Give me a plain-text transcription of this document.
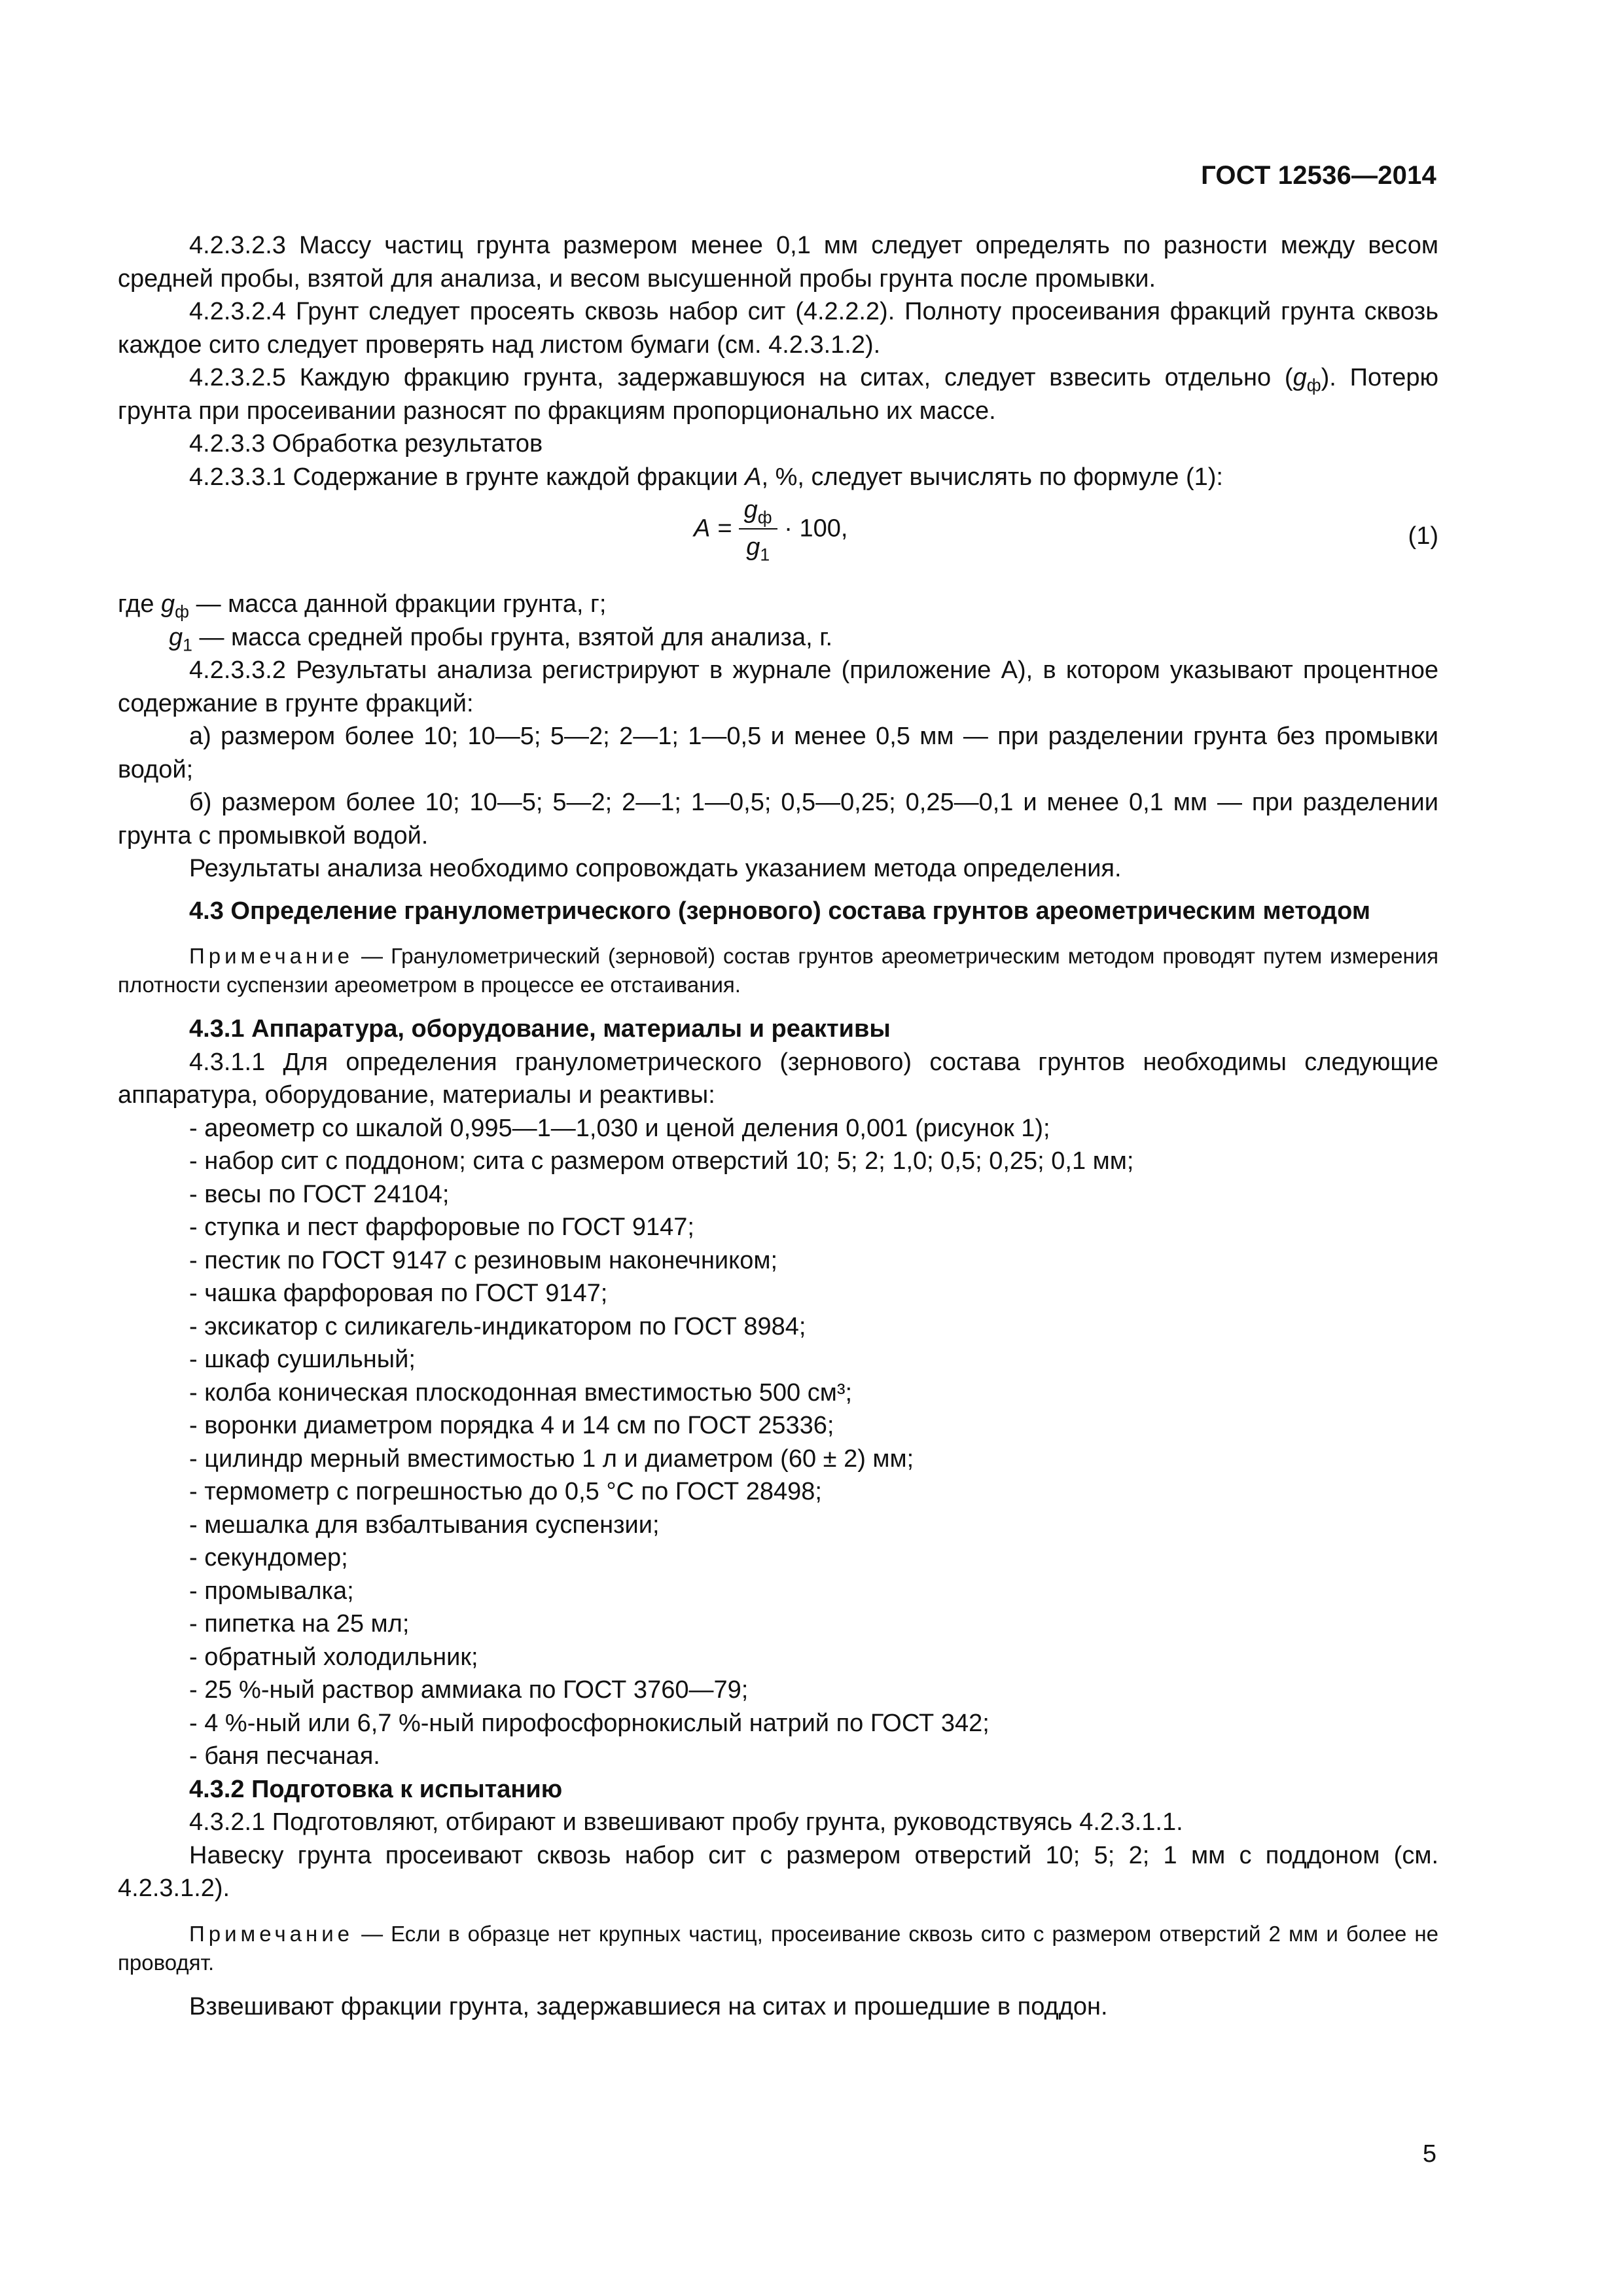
ГОСТ 12536—2014

4.2.3.2.3 Массу частиц грунта размером менее 0,1 мм следует определять по разности между весом средней пробы, взятой для анализа, и весом высушенной пробы грунта после промывки.

4.2.3.2.4 Грунт следует просеять сквозь набор сит (4.2.2.2). Полноту просеивания фракций грунта сквозь каждое сито следует проверять над листом бумаги (см. 4.2.3.1.2).

4.2.3.2.5 Каждую фракцию грунта, задержавшуюся на ситах, следует взвесить отдельно $(g_ф)$. Потерю грунта при просеивании разносят по фракциям пропорционально их массе.

4.2.3.3 Обработка результатов

4.2.3.3.1 Содержание в грунте каждой фракции А, %, следует вычислять по формуле (1):

$А = \frac{g_ф}{g_1} \cdot 100$,	(1)

где $g_ф$ — масса данной фракции грунта, г;

$g_1$ — масса средней пробы грунта, взятой для анализа, г.

4.2.3.3.2 Результаты анализа регистрируют в журнале (приложение А), в котором указывают процентное содержание в грунте фракций:

а) размером более 10; 10—5; 5—2; 2—1; 1—0,5 и менее 0,5 мм — при разделении грунта без промывки водой;

б) размером более 10; 10—5; 5—2; 2—1; 1—0,5; 0,5—0,25; 0,25—0,1 и менее 0,1 мм — при разделении грунта с промывкой водой.

Результаты анализа необходимо сопровождать указанием метода определения.

4.3 Определение гранулометрического (зернового) состава грунтов ареометрическим методом

Примечание — Гранулометрический (зерновой) состав грунтов ареометрическим методом проводят путем измерения плотности суспензии ареометром в процессе ее отстаивания.

4.3.1 Аппаратура, оборудование, материалы и реактивы

4.3.1.1 Для определения гранулометрического (зернового) состава грунтов необходимы следующие аппаратура, оборудование, материалы и реактивы:

- ареометр со шкалой 0,995—1—1,030 и ценой деления 0,001 (рисунок 1);

- набор сит с поддоном; сита с размером отверстий 10; 5; 2; 1,0; 0,5; 0,25; 0,1 мм;

- весы по ГОСТ 24104;

- ступка и пест фарфоровые по ГОСТ 9147;

- пестик по ГОСТ 9147 с резиновым наконечником;

- чашка фарфоровая по ГОСТ 9147;

- эксикатор с силикагель-индикатором по ГОСТ 8984;

- шкаф сушильный;

- колба коническая плоскодонная вместимостью 500 см³;

- воронки диаметром порядка 4 и 14 см по ГОСТ 25336;

- цилиндр мерный вместимостью 1 л и диаметром (60 ± 2) мм;

- термометр с погрешностью до 0,5 °С по ГОСТ 28498;

- мешалка для взбалтывания суспензии;

- секундомер;

- промывалка;

- пипетка на 25 мл;

- обратный холодильник;

- 25 %-ный раствор аммиака по ГОСТ 3760—79;

- 4 %-ный или 6,7 %-ный пирофосфорнокислый натрий по ГОСТ 342;

- баня песчаная.

4.3.2 Подготовка к испытанию

4.3.2.1 Подготовляют, отбирают и взвешивают пробу грунта, руководствуясь 4.2.3.1.1.

Навеску грунта просеивают сквозь набор сит с размером отверстий 10; 5; 2; 1 мм с поддоном (см. 4.2.3.1.2).

Примечание — Если в образце нет крупных частиц, просеивание сквозь сито с размером отверстий 2 мм и более не проводят.

Взвешивают фракции грунта, задержавшиеся на ситах и прошедшие в поддон.

5
